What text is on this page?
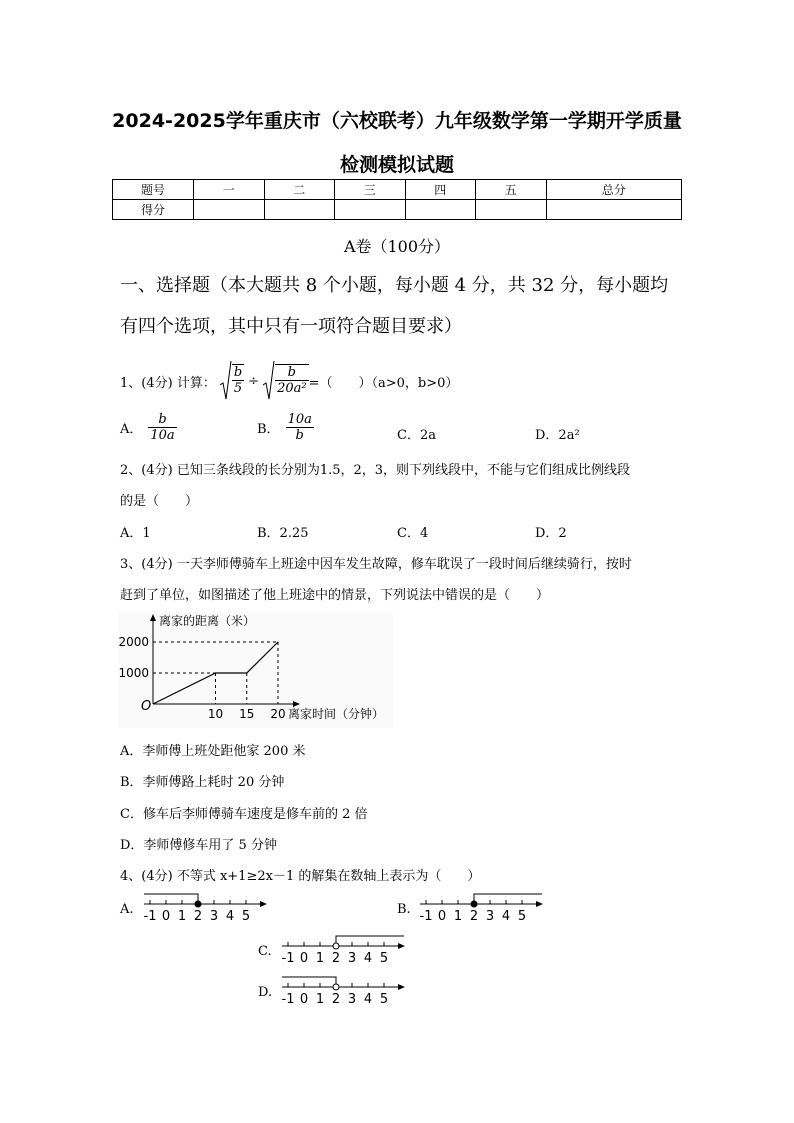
2024-2025学年重庆市（六校联考）九年级数学第一学期开学质量
检测模拟试题
题号	一	二	三	四	五	总分
得分						
A卷（100分）
一、选择题（本大题共 8 个小题，每小题 4 分，共 32 分，每小题均
有四个选项，其中只有一项符合题目要求）
1、(4分) 计算： $\frac{b}{5} \div \frac{b}{\text{20a²}}$ =（　　）（a>0，b>0）
A． $\frac{b}{10a}$	B． $\frac{10a}{b}$	C．2a	D．2a²
2、(4分) 已知三条线段的长分别为1.5，2，3，则下列线段中，不能与它们组成比例线段
的是（　　）
A．1	B．2.25	C．4	D．2
3、(4分) 一天李师傅骑车上班途中因车发生故障，修车耽误了一段时间后继续骑行，按时
赶到了单位，如图描述了他上班途中的情景，下列说法中错误的是（　　）
离家的距离（米）
离家时间（分钟）
O
1000
2000
10 15 20
A．李师傅上班处距他家 200 米
B．李师傅路上耗时 20 分钟
C．修车后李师傅骑车速度是修车前的 2 倍
D．李师傅修车用了 5 分钟
4、(4分) 不等式 x+1≥2x－1 的解集在数轴上表示为（　　）
A. -1 0 1 2 3 4 5	B. -1 0 1 2 3 4 5
C. -1 0 1 2 3 4 5
D. -1 0 1 2 3 4 5
